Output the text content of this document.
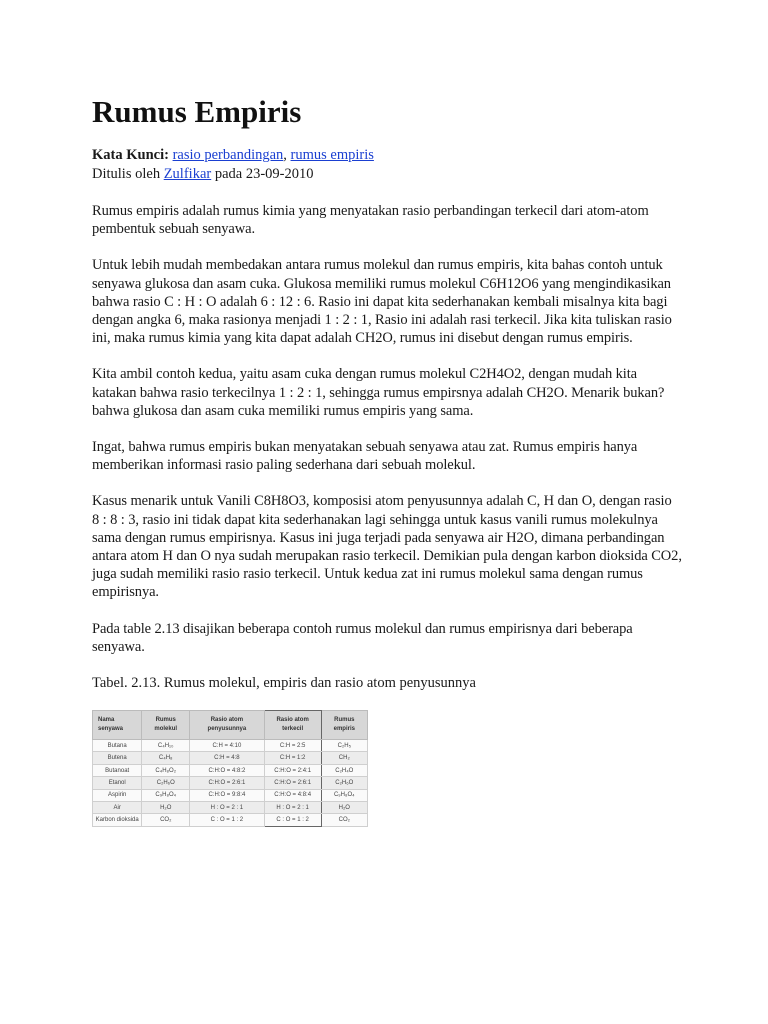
Rumus Empiris
Kata Kunci: rasio perbandingan, rumus empiris
Ditulis oleh Zulfikar pada 23-09-2010

Rumus empiris adalah rumus kimia yang menyatakan rasio perbandingan terkecil dari atom-atom pembentuk sebuah senyawa.

Untuk lebih mudah membedakan antara rumus molekul dan rumus empiris, kita bahas contoh untuk senyawa glukosa dan asam cuka. Glukosa memiliki rumus molekul C6H12O6 yang mengindikasikan bahwa rasio C : H : O adalah 6 : 12 : 6. Rasio ini dapat kita sederhanakan kembali misalnya kita bagi dengan angka 6, maka rasionya menjadi 1 : 2 : 1, Rasio ini adalah rasi terkecil. Jika kita tuliskan rasio ini, maka rumus kimia yang kita dapat adalah CH2O, rumus ini disebut dengan rumus empiris.

Kita ambil contoh kedua, yaitu asam cuka dengan rumus molekul C2H4O2, dengan mudah kita katakan bahwa rasio terkecilnya 1 : 2 : 1, sehingga rumus empirsnya adalah CH2O. Menarik bukan? bahwa glukosa dan asam cuka memiliki rumus empiris yang sama.

Ingat, bahwa rumus empiris bukan menyatakan sebuah senyawa atau zat. Rumus empiris hanya memberikan informasi rasio paling sederhana dari sebuah molekul.

Kasus menarik untuk Vanili C8H8O3, komposisi atom penyusunnya adalah C, H dan O, dengan rasio 8 : 8 : 3, rasio ini tidak dapat kita sederhanakan lagi sehingga untuk kasus vanili rumus molekulnya sama dengan rumus empirisnya. Kasus ini juga terjadi pada senyawa air H2O, dimana perbandingan antara atom H dan O nya sudah merupakan rasio terkecil. Demikian pula dengan karbon dioksida CO2, juga sudah memiliki rasio rasio terkecil. Untuk kedua zat ini rumus molekul sama dengan rumus empirisnya.

Pada table 2.13 disajikan beberapa contoh rumus molekul dan rumus empirisnya dari beberapa senyawa.

Tabel. 2.13. Rumus molekul, empiris dan rasio atom penyusunnya
Nama senyawa	Rumus molekul	Rasio atom penyusunnya	Rasio atom terkecil	Rumus empiris
Butana	C₄H₁₀	C:H = 4:10	C:H = 2:5	C₂H₅
Butena	C₄H₈	C:H = 4:8	C:H = 1:2	CH₂
Butanoat	C₄H₈O₂	C:H:O = 4:8:2	C:H:O = 2:4:1	C₂H₄O
Etanol	C₂H₆O	C:H:O = 2:6:1	C:H:O = 2:6:1	C₂H₆O
Aspirin	C₉H₈O₄	C:H:O = 9:8:4	C:H:O = 4:8:4	C₉H₈O₄
Air	H₂O	H : O = 2 : 1	H : O = 2 : 1	H₂O
Karbon dioksida	CO₂	C : O = 1 : 2	C : O = 1 : 2	CO₂
